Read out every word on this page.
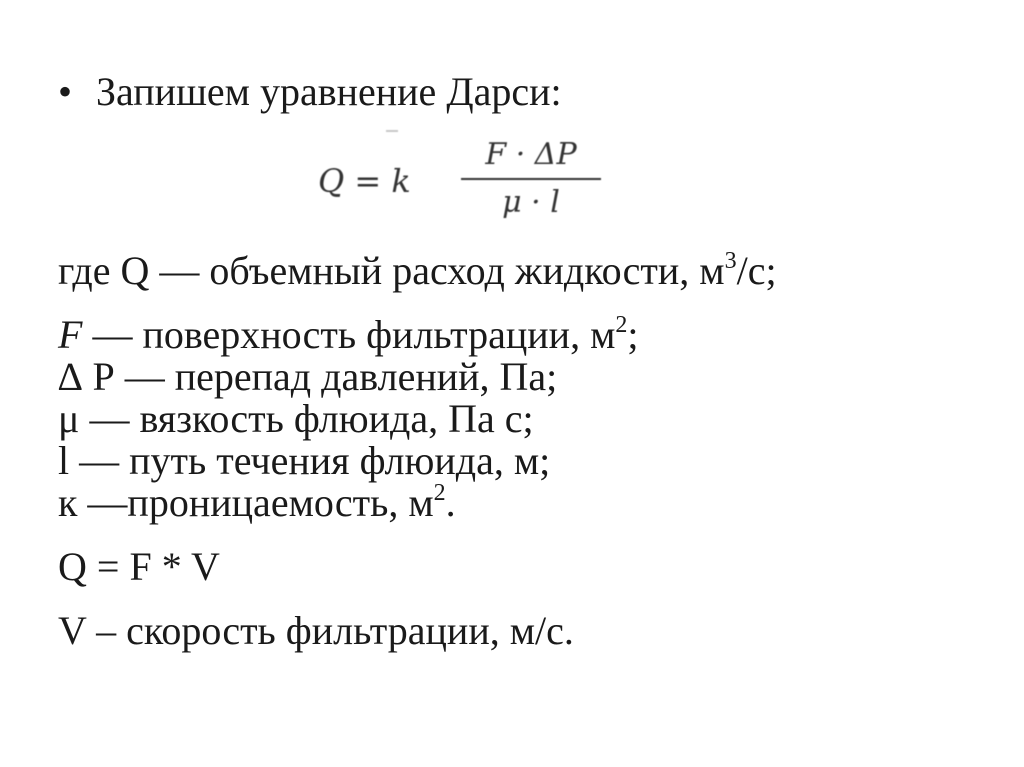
• Запишем уравнение Дарси:
Q = k
F · ΔP
μ · l
где Q — объемный расход жидкости, $м^3/с$;
F — поверхность фильтрации, $м^2$;
∆ Р — перепад давлений, Па;
μ — вязкость флюида, Па с;
l — путь течения флюида, м;
к —проницаемость, $м^2$.
Q = F * V
V – скорость фильтрации, м/с.
